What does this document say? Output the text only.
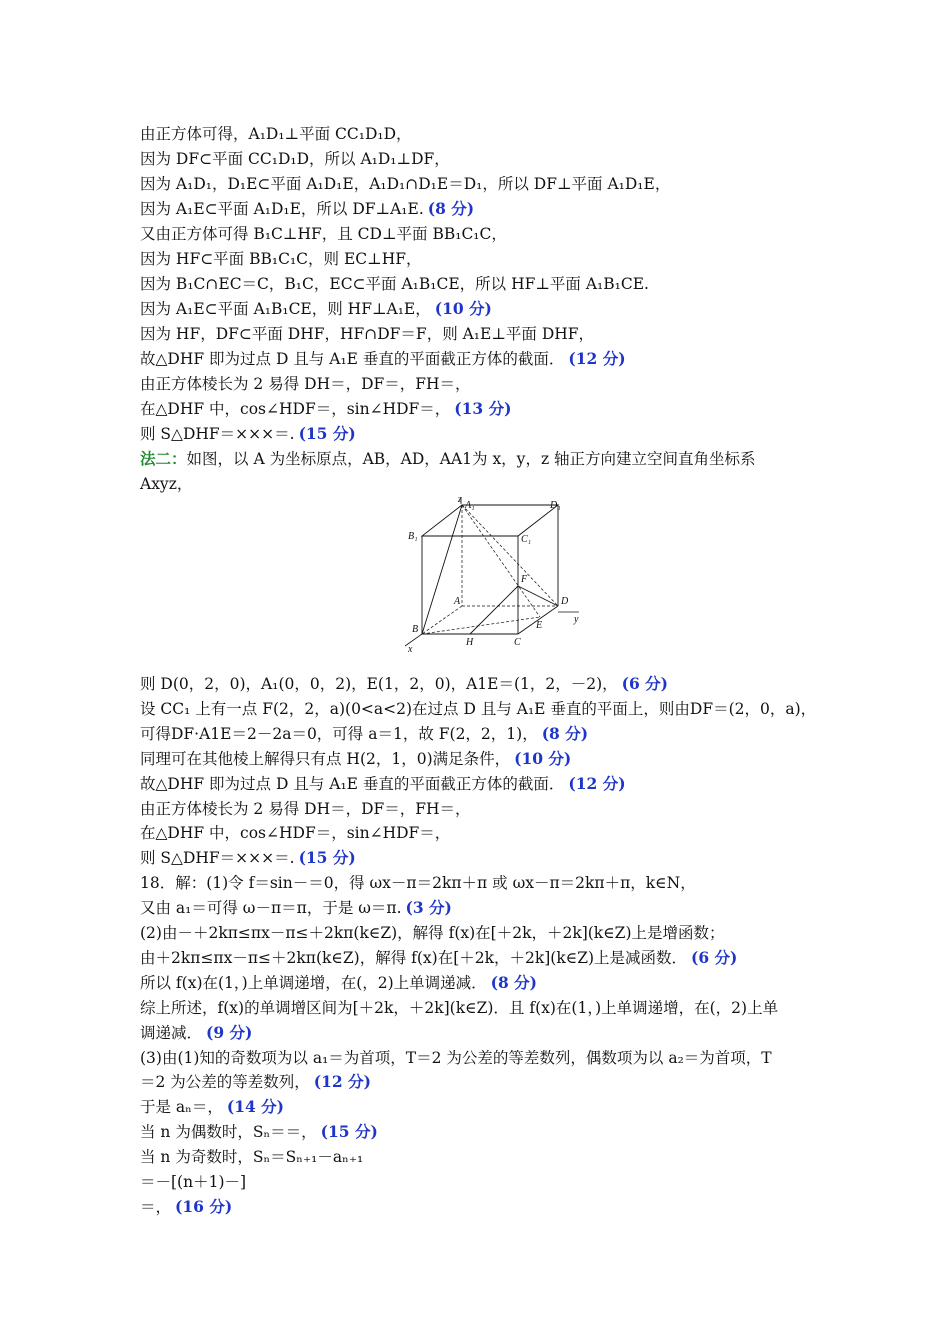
由正方体可得，A₁D₁⊥平面 CC₁D₁D，
因为 DF⊂平面 CC₁D₁D，所以 A₁D₁⊥DF，
因为 A₁D₁，D₁E⊂平面 A₁D₁E，A₁D₁∩D₁E＝D₁，所以 DF⊥平面 A₁D₁E，
因为 A₁E⊂平面 A₁D₁E，所以 DF⊥A₁E. (8 分)
又由正方体可得 B₁C⊥HF，且 CD⊥平面 BB₁C₁C，
因为 HF⊂平面 BB₁C₁C，则 EC⊥HF，
因为 B₁C∩EC＝C，B₁C，EC⊂平面 A₁B₁CE，所以 HF⊥平面 A₁B₁CE.
因为 A₁E⊂平面 A₁B₁CE，则 HF⊥A₁E， (10 分)
因为 HF，DF⊂平面 DHF，HF∩DF＝F，则 A₁E⊥平面 DHF，
故△DHF 即为过点 D 且与 A₁E 垂直的平面截正方体的截面． (12 分)
由正方体棱长为 2 易得 DH＝，DF＝，FH＝，
在△DHF 中，cos∠HDF＝，sin∠HDF＝， (13 分)
则 S△DHF＝×××＝. (15 分)
法二：如图，以 A 为坐标原点，AB，AD，AA1为 x，y，z 轴正方向建立空间直角坐标系
Axyz，
z
y
x
A₁	D₁
B₁	C₁
A	D
B
C
E
F
H
则 D(0，2，0)，A₁(0，0，2)，E(1，2，0)，A1E＝(1，2，－2)， (6 分)
设 CC₁ 上有一点 F(2，2，a)(0<a<2)在过点 D 且与 A₁E 垂直的平面上，则由DF＝(2，0，a)，
可得DF·A1E＝2－2a＝0，可得 a＝1，故 F(2，2，1)， (8 分)
同理可在其他棱上解得只有点 H(2，1，0)满足条件， (10 分)
故△DHF 即为过点 D 且与 A₁E 垂直的平面截正方体的截面． (12 分)
由正方体棱长为 2 易得 DH＝，DF＝，FH＝，
在△DHF 中，cos∠HDF＝，sin∠HDF＝，
则 S△DHF＝×××＝. (15 分)
18．解：(1)令 f＝sin－＝0，得 ωx－π＝2kπ＋π 或 ωx－π＝2kπ＋π，k∈N，
又由 a₁＝可得 ω－π＝π，于是 ω＝π. (3 分)
(2)由－＋2kπ≤πx－π≤＋2kπ(k∈Z)，解得 f(x)在[＋2k，＋2k](k∈Z)上是增函数；
由＋2kπ≤πx－π≤＋2kπ(k∈Z)，解得 f(x)在[＋2k，＋2k](k∈Z)上是减函数． (6 分)
所以 f(x)在(1，)上单调递增，在(，2)上单调递减． (8 分)
综上所述，f(x)的单调增区间为[＋2k，＋2k](k∈Z)．且 f(x)在(1，)上单调递增，在(，2)上单
调递减． (9 分)
(3)由(1)知的奇数项为以 a₁＝为首项，T＝2 为公差的等差数列，偶数项为以 a₂＝为首项，T
＝2 为公差的等差数列， (12 分)
于是 aₙ＝， (14 分)
当 n 为偶数时，Sₙ＝＝， (15 分)
当 n 为奇数时，Sₙ＝Sₙ₊₁－aₙ₊₁
＝－[(n＋1)－]
＝， (16 分)
